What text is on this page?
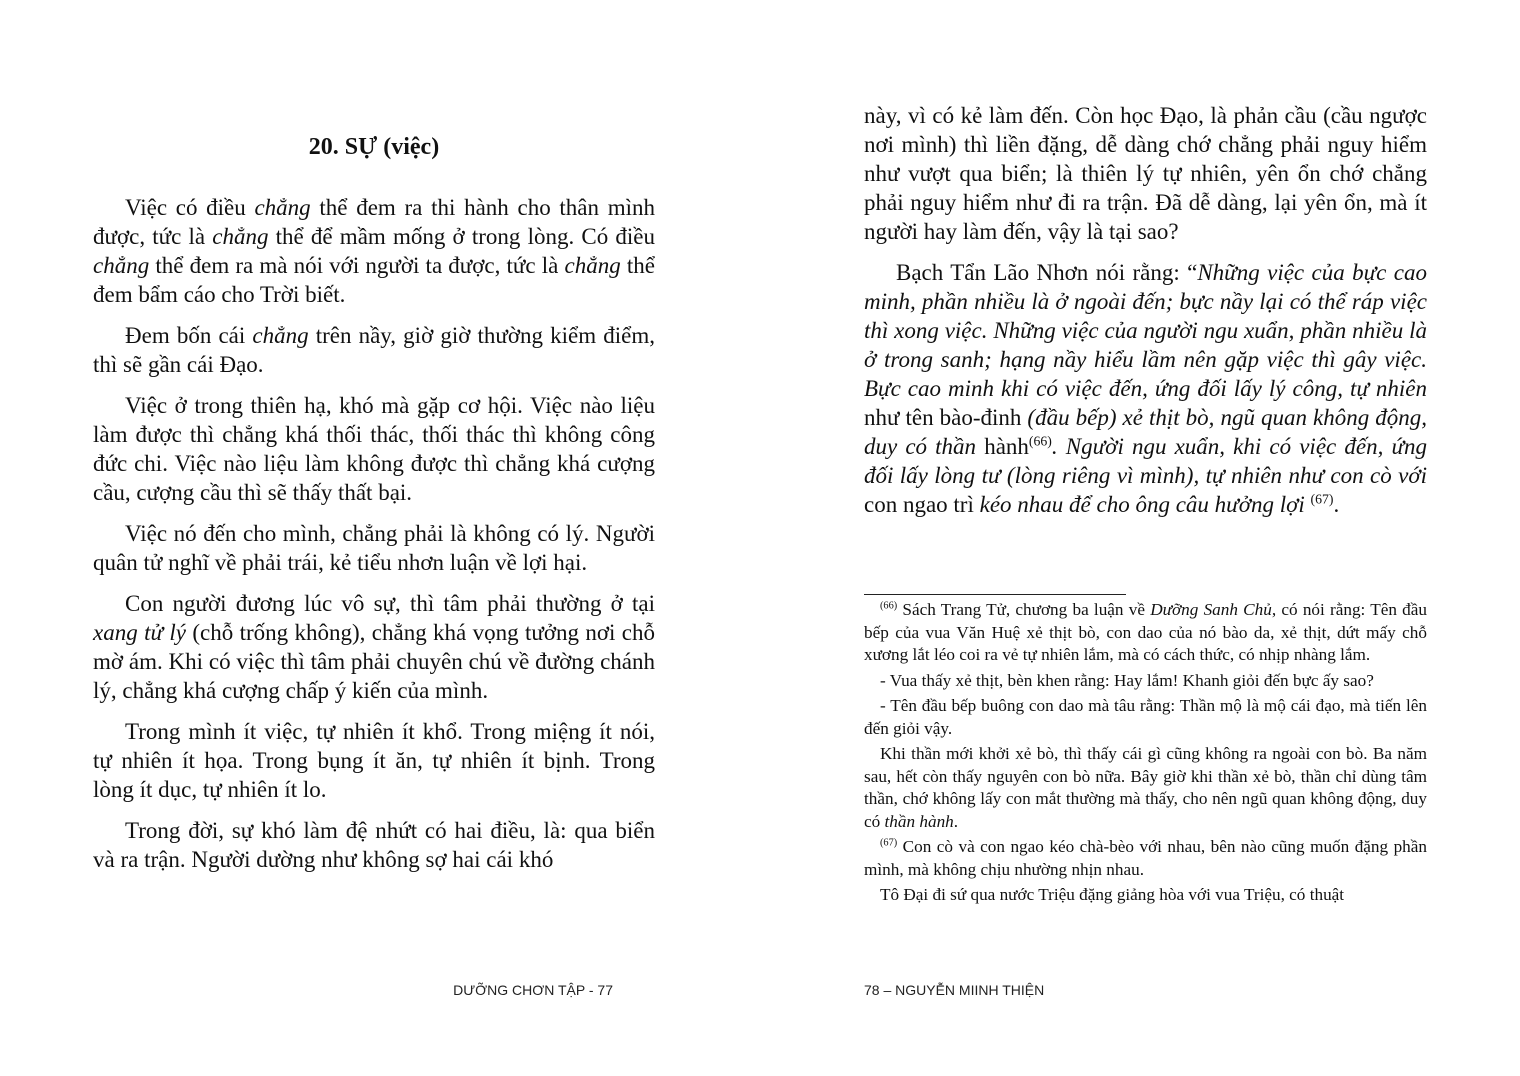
20. SỰ (việc)

Việc có điều chẳng thể đem ra thi hành cho thân mình được, tức là chẳng thể để mầm mống ở trong lòng. Có điều chẳng thể đem ra mà nói với người ta được, tức là chẳng thể đem bẩm cáo cho Trời biết.

Đem bốn cái chẳng trên nầy, giờ giờ thường kiểm điểm, thì sẽ gần cái Đạo.

Việc ở trong thiên hạ, khó mà gặp cơ hội. Việc nào liệu làm được thì chẳng khá thối thác, thối thác thì không công đức chi. Việc nào liệu làm không được thì chẳng khá cượng cầu, cượng cầu thì sẽ thấy thất bại.

Việc nó đến cho mình, chẳng phải là không có lý. Người quân tử nghĩ về phải trái, kẻ tiểu nhơn luận về lợi hại.

Con người đương lúc vô sự, thì tâm phải thường ở tại xang tử lý (chỗ trống không), chẳng khá vọng tưởng nơi chỗ mờ ám. Khi có việc thì tâm phải chuyên chú về đường chánh lý, chẳng khá cượng chấp ý kiến của mình.

Trong mình ít việc, tự nhiên ít khổ. Trong miệng ít nói, tự nhiên ít họa. Trong bụng ít ăn, tự nhiên ít bịnh. Trong lòng ít dục, tự nhiên ít lo.

Trong đời, sự khó làm đệ nhứt có hai điều, là: qua biển và ra trận. Người dường như không sợ hai cái khó

DƯỠNG CHƠN TẬP - 77

này, vì có kẻ làm đến. Còn học Đạo, là phản cầu (cầu ngược nơi mình) thì liền đặng, dễ dàng chớ chẳng phải nguy hiểm như vượt qua biển; là thiên lý tự nhiên, yên ổn chớ chẳng phải nguy hiểm như đi ra trận. Đã dễ dàng, lại yên ổn, mà ít người hay làm đến, vậy là tại sao?

Bạch Tẩn Lão Nhơn nói rằng: “Những việc của bực cao minh, phần nhiều là ở ngoài đến; bực nầy lại có thể ráp việc thì xong việc. Những việc của người ngu xuẩn, phần nhiều là ở trong sanh; hạng nầy hiểu lầm nên gặp việc thì gây việc. Bực cao minh khi có việc đến, ứng đối lấy lý công, tự nhiên như tên bào-đinh (đầu bếp) xẻ thịt bò, ngũ quan không động, duy có thần hành$^{(66)}$. Người ngu xuẩn, khi có việc đến, ứng đối lấy lòng tư (lòng riêng vì mình), tự nhiên như con cò với con ngao trì kéo nhau để cho ông câu hưởng lợi $^{(67)}$.

$^{(66)}$ Sách Trang Tử, chương ba luận về Dưỡng Sanh Chủ, có nói rằng: Tên đầu bếp của vua Văn Huệ xẻ thịt bò, con dao của nó bào da, xẻ thịt, dứt mấy chỗ xương lắt léo coi ra vẻ tự nhiên lắm, mà có cách thức, có nhịp nhàng lắm.

- Vua thấy xẻ thịt, bèn khen rằng: Hay lắm! Khanh giỏi đến bực ấy sao?

- Tên đầu bếp buông con dao mà tâu rằng: Thần mộ là mộ cái đạo, mà tiến lên đến giỏi vậy.

Khi thần mới khởi xẻ bò, thì thấy cái gì cũng không ra ngoài con bò. Ba năm sau, hết còn thấy nguyên con bò nữa. Bây giờ khi thần xẻ bò, thần chỉ dùng tâm thần, chớ không lấy con mắt thường mà thấy, cho nên ngũ quan không động, duy có thần hành.

$^{(67)}$ Con cò và con ngao kéo chà-bèo với nhau, bên nào cũng muốn đặng phần mình, mà không chịu nhường nhịn nhau.

Tô Đại đi sứ qua nước Triệu đặng giảng hòa với vua Triệu, có thuật

78 – NGUYỄN MIINH THIỆN
